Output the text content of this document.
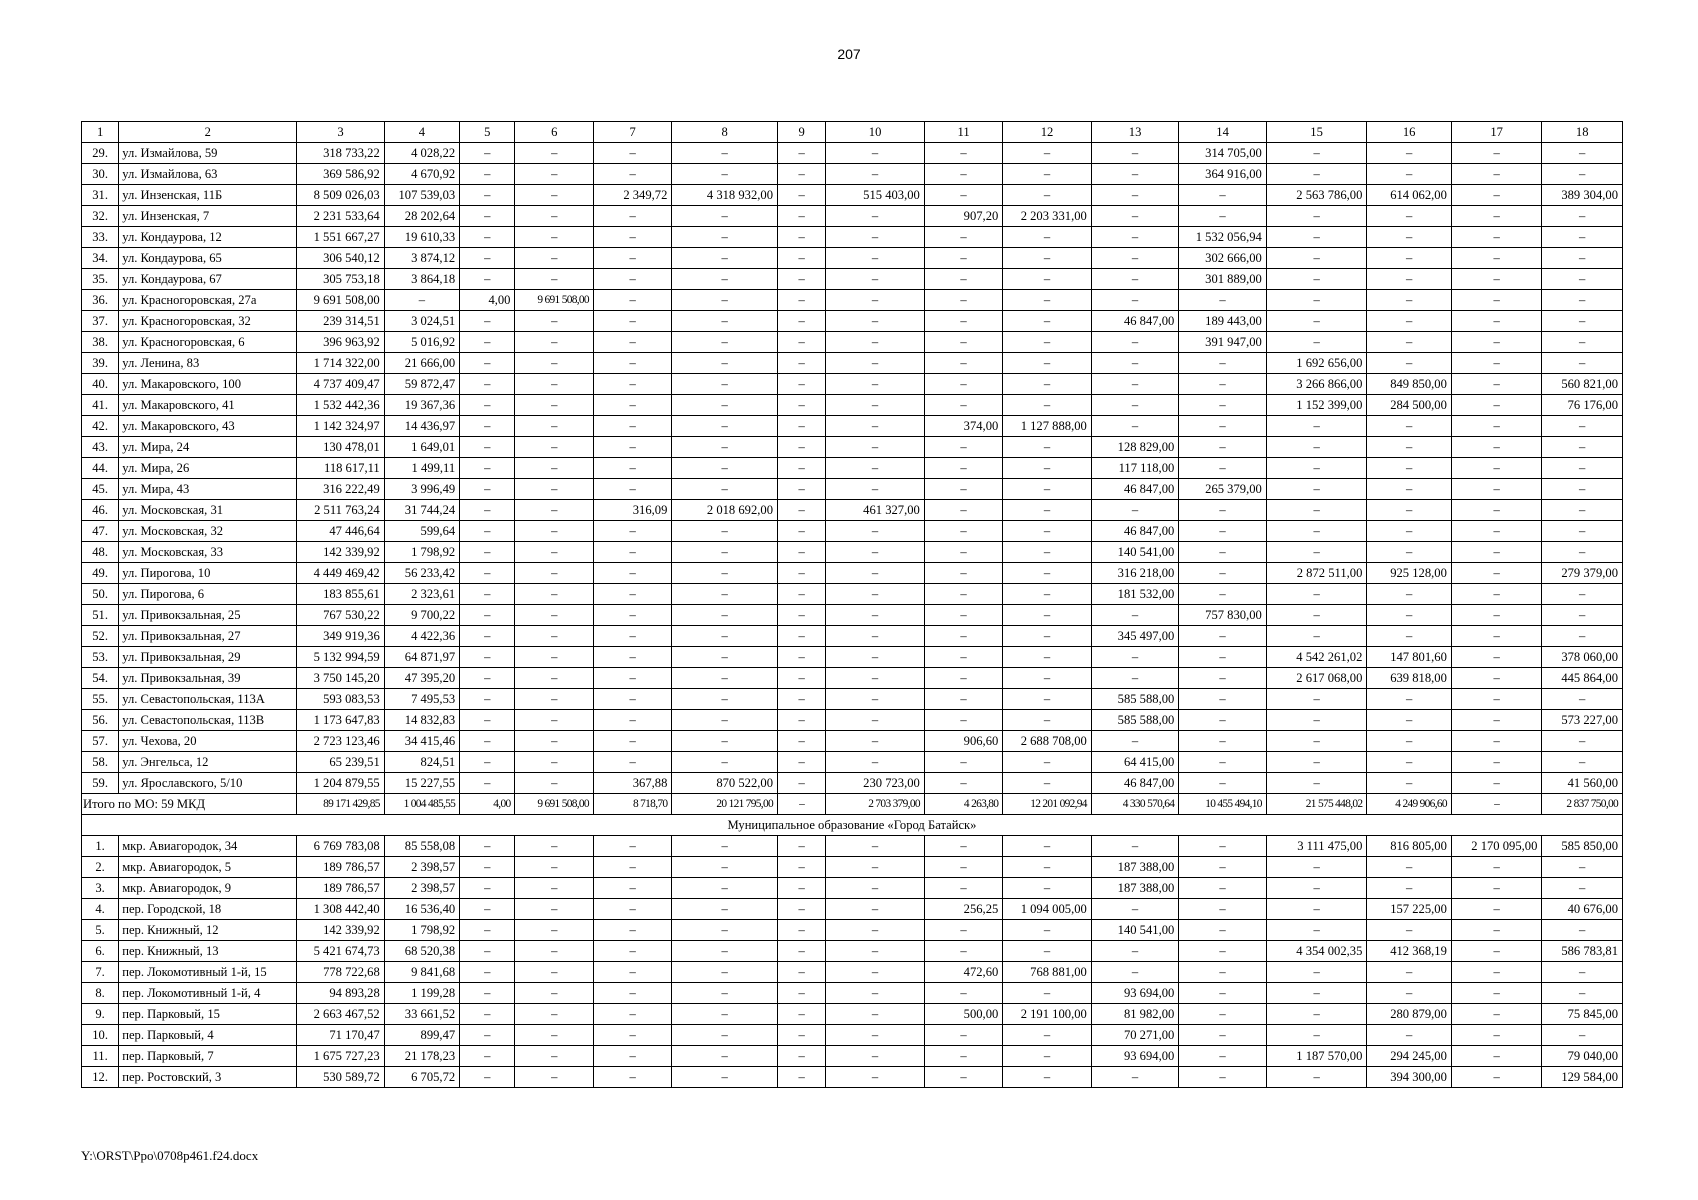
207
1	2	3	4	5	6	7	8	9	10	11	12	13	14	15	16	17	18
29.	ул. Измайлова, 59	318 733,22	4 028,22	–	–	–	–	–	–	–	–	–	314 705,00	–	–	–	–
30.	ул. Измайлова, 63	369 586,92	4 670,92	–	–	–	–	–	–	–	–	–	364 916,00	–	–	–	–
31.	ул. Инзенская, 11Б	8 509 026,03	107 539,03	–	–	2 349,72	4 318 932,00	–	515 403,00	–	–	–	–	2 563 786,00	614 062,00	–	389 304,00
32.	ул. Инзенская, 7	2 231 533,64	28 202,64	–	–	–	–	–	–	907,20	2 203 331,00	–	–	–	–	–	–
33.	ул. Кондаурова, 12	1 551 667,27	19 610,33	–	–	–	–	–	–	–	–	–	1 532 056,94	–	–	–	–
34.	ул. Кондаурова, 65	306 540,12	3 874,12	–	–	–	–	–	–	–	–	–	302 666,00	–	–	–	–
35.	ул. Кондаурова, 67	305 753,18	3 864,18	–	–	–	–	–	–	–	–	–	301 889,00	–	–	–	–
36.	ул. Красногоровская, 27а	9 691 508,00	–	4,00	9 691 508,00	–	–	–	–	–	–	–	–	–	–	–	–
37.	ул. Красногоровская, 32	239 314,51	3 024,51	–	–	–	–	–	–	–	–	46 847,00	189 443,00	–	–	–	–
38.	ул. Красногоровская, 6	396 963,92	5 016,92	–	–	–	–	–	–	–	–	–	391 947,00	–	–	–	–
39.	ул. Ленина, 83	1 714 322,00	21 666,00	–	–	–	–	–	–	–	–	–	–	1 692 656,00	–	–	–
40.	ул. Макаровского, 100	4 737 409,47	59 872,47	–	–	–	–	–	–	–	–	–	–	3 266 866,00	849 850,00	–	560 821,00
41.	ул. Макаровского, 41	1 532 442,36	19 367,36	–	–	–	–	–	–	–	–	–	–	1 152 399,00	284 500,00	–	76 176,00
42.	ул. Макаровского, 43	1 142 324,97	14 436,97	–	–	–	–	–	–	374,00	1 127 888,00	–	–	–	–	–	–
43.	ул. Мира, 24	130 478,01	1 649,01	–	–	–	–	–	–	–	–	128 829,00	–	–	–	–	–
44.	ул. Мира, 26	118 617,11	1 499,11	–	–	–	–	–	–	–	–	117 118,00	–	–	–	–	–
45.	ул. Мира, 43	316 222,49	3 996,49	–	–	–	–	–	–	–	–	46 847,00	265 379,00	–	–	–	–
46.	ул. Московская, 31	2 511 763,24	31 744,24	–	–	316,09	2 018 692,00	–	461 327,00	–	–	–	–	–	–	–	–
47.	ул. Московская, 32	47 446,64	599,64	–	–	–	–	–	–	–	–	46 847,00	–	–	–	–	–
48.	ул. Московская, 33	142 339,92	1 798,92	–	–	–	–	–	–	–	–	140 541,00	–	–	–	–	–
49.	ул. Пирогова, 10	4 449 469,42	56 233,42	–	–	–	–	–	–	–	–	316 218,00	–	2 872 511,00	925 128,00	–	279 379,00
50.	ул. Пирогова, 6	183 855,61	2 323,61	–	–	–	–	–	–	–	–	181 532,00	–	–	–	–	–
51.	ул. Привокзальная, 25	767 530,22	9 700,22	–	–	–	–	–	–	–	–	–	757 830,00	–	–	–	–
52.	ул. Привокзальная, 27	349 919,36	4 422,36	–	–	–	–	–	–	–	–	345 497,00	–	–	–	–	–
53.	ул. Привокзальная, 29	5 132 994,59	64 871,97	–	–	–	–	–	–	–	–	–	–	4 542 261,02	147 801,60	–	378 060,00
54.	ул. Привокзальная, 39	3 750 145,20	47 395,20	–	–	–	–	–	–	–	–	–	–	2 617 068,00	639 818,00	–	445 864,00
55.	ул. Севастопольская, 113А	593 083,53	7 495,53	–	–	–	–	–	–	–	–	585 588,00	–	–	–	–	–
56.	ул. Севастопольская, 113В	1 173 647,83	14 832,83	–	–	–	–	–	–	–	–	585 588,00	–	–	–	–	573 227,00
57.	ул. Чехова, 20	2 723 123,46	34 415,46	–	–	–	–	–	–	906,60	2 688 708,00	–	–	–	–	–	–
58.	ул. Энгельса, 12	65 239,51	824,51	–	–	–	–	–	–	–	–	64 415,00	–	–	–	–	–
59.	ул. Ярославского, 5/10	1 204 879,55	15 227,55	–	–	367,88	870 522,00	–	230 723,00	–	–	46 847,00	–	–	–	–	41 560,00
Итого по МО: 59 МКД		89 171 429,85	1 004 485,55	4,00	9 691 508,00	8 718,70	20 121 795,00	–	2 703 379,00	4 263,80	12 201 092,94	4 330 570,64	10 455 494,10	21 575 448,02	4 249 906,60	–	2 837 750,00
Муниципальное образование «Город Батайск»																	
1.	мкр. Авиагородок, 34	6 769 783,08	85 558,08	–	–	–	–	–	–	–	–	–	–	3 111 475,00	816 805,00	2 170 095,00	585 850,00
2.	мкр. Авиагородок, 5	189 786,57	2 398,57	–	–	–	–	–	–	–	–	187 388,00	–	–	–	–	–
3.	мкр. Авиагородок, 9	189 786,57	2 398,57	–	–	–	–	–	–	–	–	187 388,00	–	–	–	–	–
4.	пер. Городской, 18	1 308 442,40	16 536,40	–	–	–	–	–	–	256,25	1 094 005,00	–	–	–	157 225,00	–	40 676,00
5.	пер. Книжный, 12	142 339,92	1 798,92	–	–	–	–	–	–	–	–	140 541,00	–	–	–	–	–
6.	пер. Книжный, 13	5 421 674,73	68 520,38	–	–	–	–	–	–	–	–	–	–	4 354 002,35	412 368,19	–	586 783,81
7.	пер. Локомотивный 1-й, 15	778 722,68	9 841,68	–	–	–	–	–	–	472,60	768 881,00	–	–	–	–	–	–
8.	пер. Локомотивный 1-й, 4	94 893,28	1 199,28	–	–	–	–	–	–	–	–	93 694,00	–	–	–	–	–
9.	пер. Парковый, 15	2 663 467,52	33 661,52	–	–	–	–	–	–	500,00	2 191 100,00	81 982,00	–	–	280 879,00	–	75 845,00
10.	пер. Парковый, 4	71 170,47	899,47	–	–	–	–	–	–	–	–	70 271,00	–	–	–	–	–
11.	пер. Парковый, 7	1 675 727,23	21 178,23	–	–	–	–	–	–	–	–	93 694,00	–	1 187 570,00	294 245,00	–	79 040,00
12.	пер. Ростовский, 3	530 589,72	6 705,72	–	–	–	–	–	–	–	–	–	–	–	394 300,00	–	129 584,00
Y:\ORST\Ppo\0708p461.f24.docx
